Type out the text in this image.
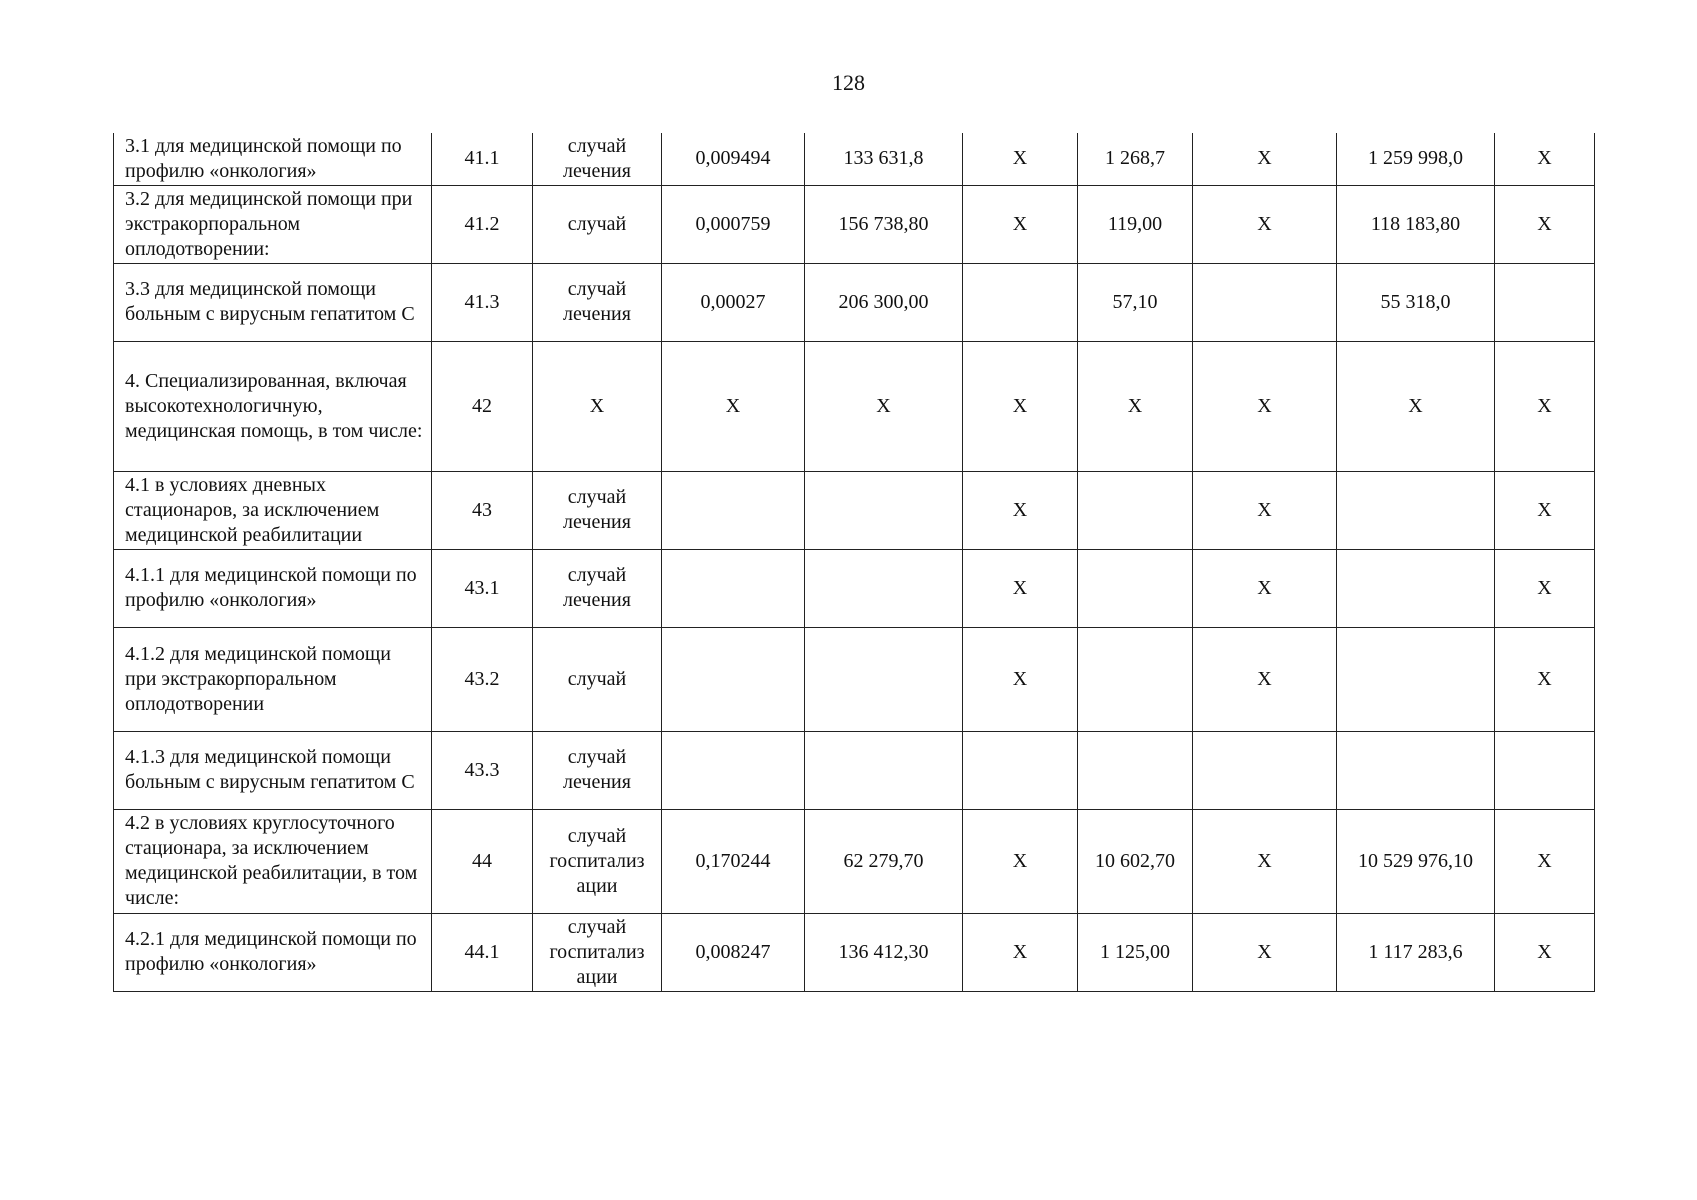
128
3.1 для медицинской помощи по профилю «онкология»	41.1	случай лечения	0,009494	133 631,8	X	1 268,7	X	1 259 998,0	X
3.2 для медицинской помощи при экстракорпоральном оплодотворении:	41.2	случай	0,000759	156 738,80	X	119,00	X	118 183,80	X
3.3 для медицинской помощи больным с вирусным гепатитом С	41.3	случай лечения	0,00027	206 300,00		57,10		55 318,0	
4. Специализированная, включая высокотехнологичную, медицинская помощь, в том числе:	42	X	X	X	X	X	X	X	X
4.1 в условиях дневных стационаров, за исключением медицинской реабилитации	43	случай лечения			X		X		X
4.1.1 для медицинской помощи по профилю «онкология»	43.1	случай лечения			X		X		X
4.1.2 для медицинской помощи при экстракорпоральном оплодотворении	43.2	случай			X		X		X
4.1.3 для медицинской помощи больным с вирусным гепатитом С	43.3	случай лечения							
4.2 в условиях круглосуточного стационара, за исключением медицинской реабилитации, в том числе:	44	случай госпитализ ации	0,170244	62 279,70	X	10 602,70	X	10 529 976,10	X
4.2.1 для медицинской помощи по профилю «онкология»	44.1	случай госпитализ ации	0,008247	136 412,30	X	1 125,00	X	1 117 283,6	X
